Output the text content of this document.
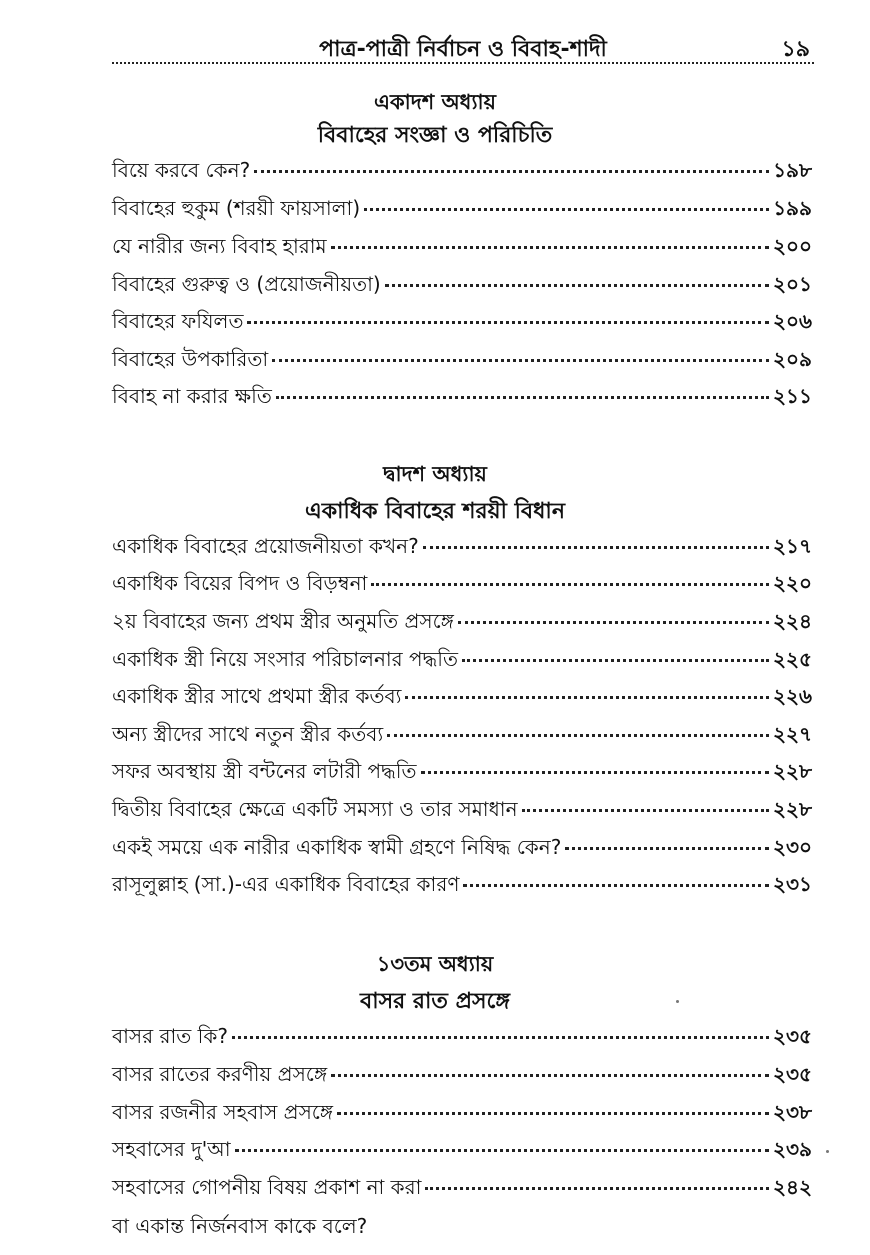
পাত্র-পাত্রী নির্বাচন ও বিবাহ-শাদী	১৯
একাদশ অধ্যায়
বিবাহের সংজ্ঞা ও পরিচিতি
বিয়ে করবে কেন?	১৯৮
বিবাহের হুকুম (শরয়ী ফায়সালা)	১৯৯
যে নারীর জন্য বিবাহ হারাম	২০০
বিবাহের গুরুত্ব ও (প্রয়োজনীয়তা)	২০১
বিবাহের ফযিলত	২০৬
বিবাহের উপকারিতা	২০৯
বিবাহ না করার ক্ষতি	২১১
দ্বাদশ অধ্যায়
একাধিক বিবাহের শরয়ী বিধান
একাধিক বিবাহের প্রয়োজনীয়তা কখন?	২১৭
একাধিক বিয়ের বিপদ ও বিড়ম্বনা	২২০
২য় বিবাহের জন্য প্রথম স্ত্রীর অনুমতি প্রসঙ্গে	২২৪
একাধিক স্ত্রী নিয়ে সংসার পরিচালনার পদ্ধতি	২২৫
একাধিক স্ত্রীর সাথে প্রথমা স্ত্রীর কর্তব্য	২২৬
অন্য স্ত্রীদের সাথে নতুন স্ত্রীর কর্তব্য	২২৭
সফর অবস্থায় স্ত্রী বন্টনের লটারী পদ্ধতি	২২৮
দ্বিতীয় বিবাহের ক্ষেত্রে একটি সমস্যা ও তার সমাধান	২২৮
একই সময়ে এক নারীর একাধিক স্বামী গ্রহণে নিষিদ্ধ কেন?	২৩০
রাসূলুল্লাহ (সা.)-এর একাধিক বিবাহের কারণ	২৩১
১৩তম অধ্যায়
বাসর রাত প্রসঙ্গে
বাসর রাত কি?	২৩৫
বাসর রাতের করণীয় প্রসঙ্গে	২৩৫
বাসর রজনীর সহবাস প্রসঙ্গে	২৩৮
সহবাসের দু'আ	২৩৯
সহবাসের গোপনীয় বিষয় প্রকাশ না করা	২৪২
বা একান্ত নির্জনবাস কাকে বলে?
